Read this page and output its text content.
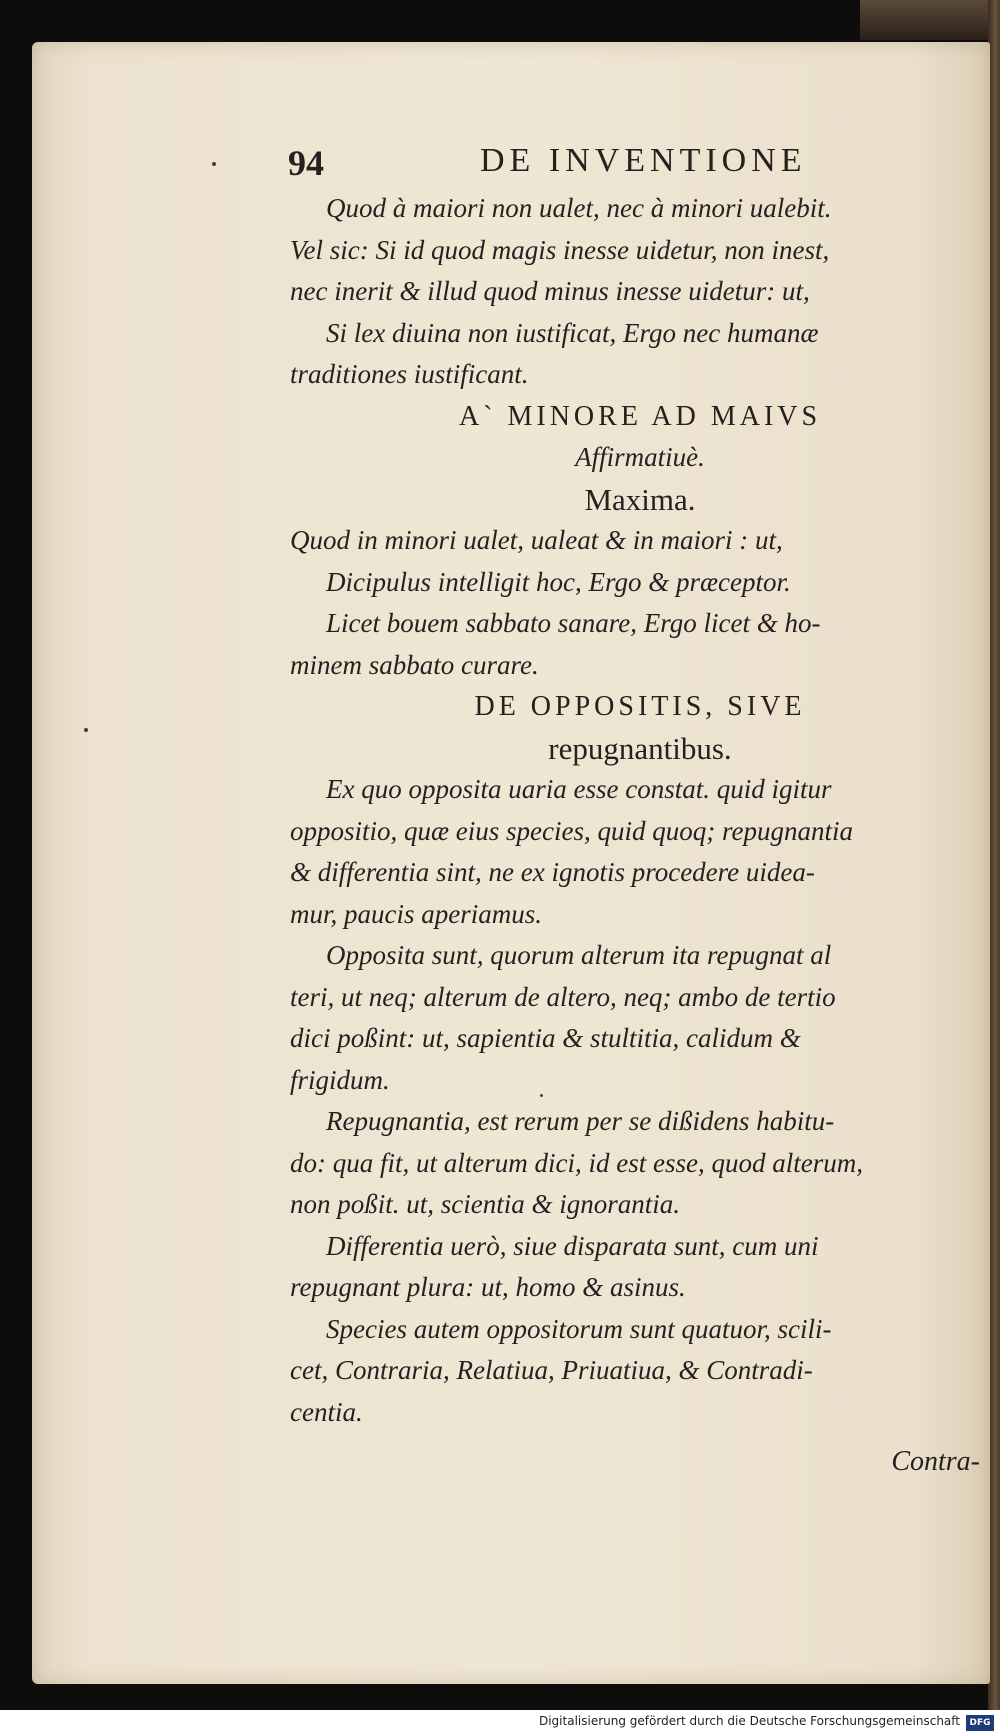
94	DE INVENTIONE
Quod à maiori non ualet, nec à minori ualebit.
Vel sic: Si id quod magis inesse uidetur, non inest,
nec inerit & illud quod minus inesse uidetur: ut,
Si lex diuina non iustificat, Ergo nec humanæ
traditiones iustificant.
A` MINORE AD MAIVS
Affirmatiuè.
Maxima.
Quod in minori ualet, ualeat & in maiori : ut,
Dicipulus intelligit hoc, Ergo & præceptor.
Licet bouem sabbato sanare, Ergo licet & ho-
minem sabbato curare.
DE OPPOSITIS, SIVE
repugnantibus.
Ex quo opposita uaria esse constat. quid igitur
oppositio, quæ eius species, quid quoq; repugnantia
& differentia sint, ne ex ignotis procedere uidea-
mur, paucis aperiamus.
Opposita sunt, quorum alterum ita repugnat al
teri, ut neq; alterum de altero, neq; ambo de tertio
dici poßint: ut, sapientia & stultitia, calidum &
frigidum.
Repugnantia, est rerum per se dißidens habitu-
do: qua fit, ut alterum dici, id est esse, quod alterum,
non poßit. ut, scientia & ignorantia.
Differentia uerò, siue disparata sunt, cum uni
repugnant plura: ut, homo & asinus.
Species autem oppositorum sunt quatuor, scili-
cet, Contraria, Relatiua, Priuatiua, & Contradi-
centia.
Contra-
Digitalisierung gefördert durch die Deutsche Forschungsgemeinschaft	DFG
